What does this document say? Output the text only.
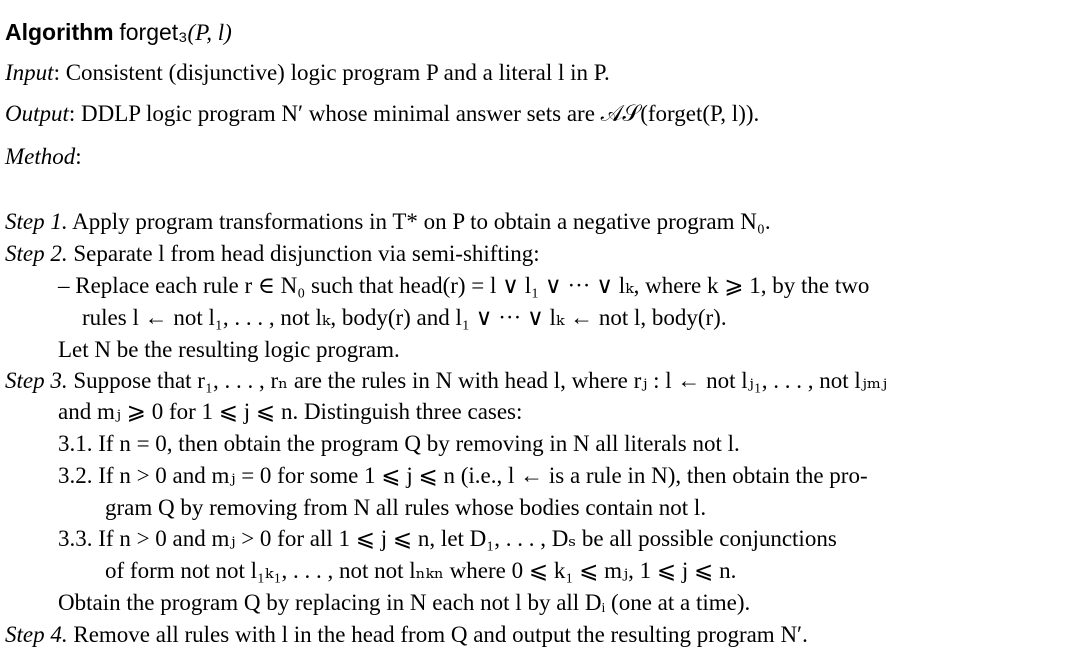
Algorithm forget₃(P, l)
Input: Consistent (disjunctive) logic program P and a literal l in P.
Output: DDLP logic program N′ whose minimal answer sets are 𝒜𝒮(forget(P, l)).
Method:
Step 1. Apply program transformations in T* on P to obtain a negative program N₀.
Step 2. Separate l from head disjunction via semi-shifting:
– Replace each rule r ∈ N₀ such that head(r) = l ∨ l₁ ∨ ··· ∨ lₖ, where k ⩾ 1, by the two
rules l ← not l₁, . . . , not lₖ, body(r) and l₁ ∨ ··· ∨ lₖ ← not l, body(r).
Let N be the resulting logic program.
Step 3. Suppose that r₁, . . . , rₙ are the rules in N with head l, where rⱼ : l ← not lⱼ₁, . . . , not lⱼₘⱼ
and mⱼ ⩾ 0 for 1 ⩽ j ⩽ n. Distinguish three cases:
3.1. If n = 0, then obtain the program Q by removing in N all literals not l.
3.2. If n > 0 and mⱼ = 0 for some 1 ⩽ j ⩽ n (i.e., l ← is a rule in N), then obtain the pro-
gram Q by removing from N all rules whose bodies contain not l.
3.3. If n > 0 and mⱼ > 0 for all 1 ⩽ j ⩽ n, let D₁, . . . , Dₛ be all possible conjunctions
of form not not l₁ₖ₁, . . . , not not lₙₖₙ where 0 ⩽ k₁ ⩽ mⱼ, 1 ⩽ j ⩽ n.
Obtain the program Q by replacing in N each not l by all Dᵢ (one at a time).
Step 4. Remove all rules with l in the head from Q and output the resulting program N′.
